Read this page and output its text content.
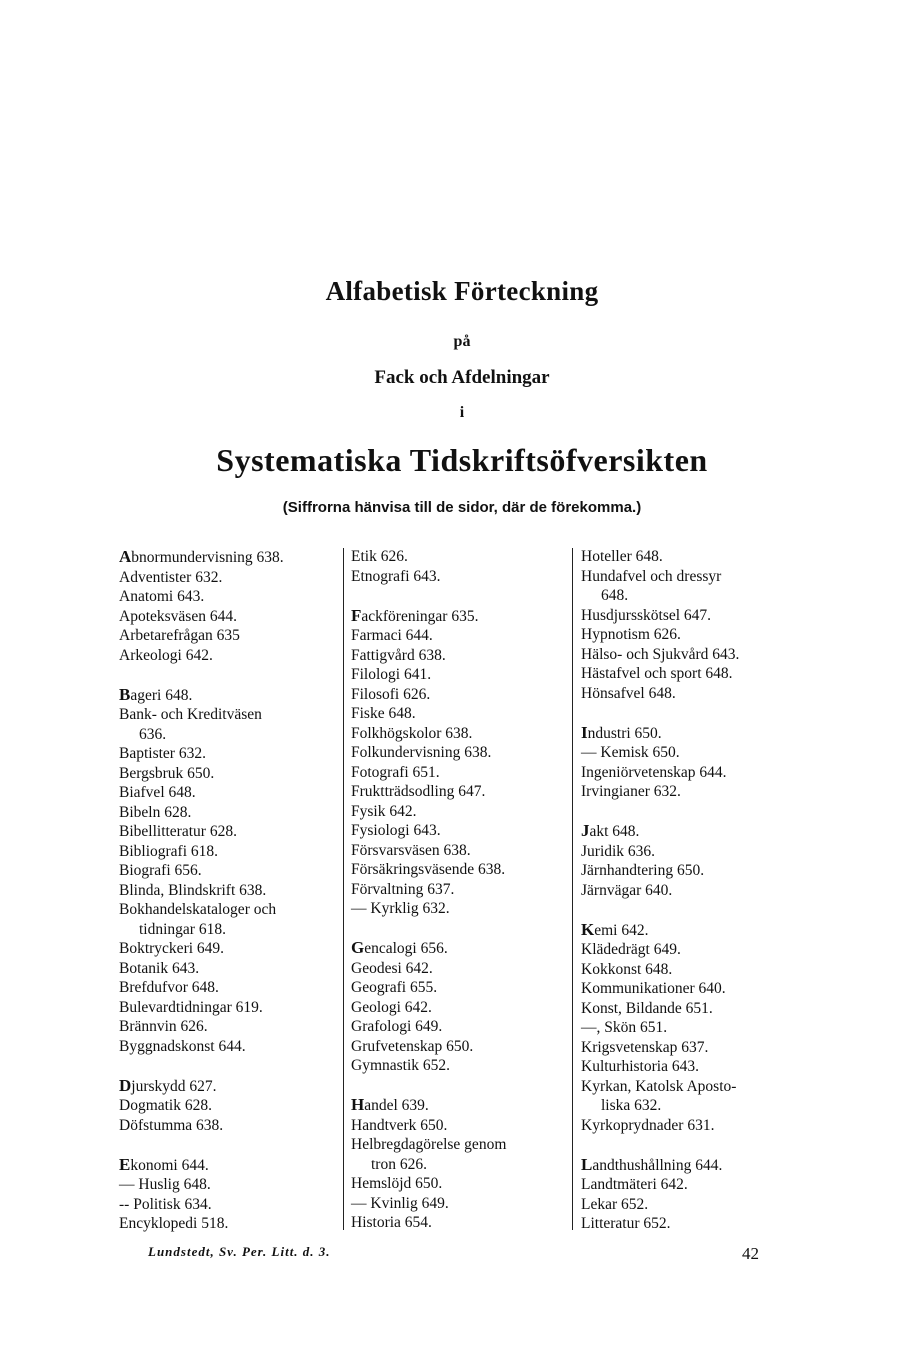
Alfabetisk Förteckning
på
Fack och Afdelningar
i
Systematiska Tidskriftsöfversikten
(Siffrorna hänvisa till de sidor, där de förekomma.)
Abnormundervisning 638.
Adventister 632.
Anatomi 643.
Apoteksväsen 644.
Arbetarefrågan 635
Arkeologi 642.
Bageri 648.
Bank- och Kreditväsen
636.
Baptister 632.
Bergsbruk 650.
Biafvel 648.
Bibeln 628.
Bibellitteratur 628.
Bibliografi 618.
Biografi 656.
Blinda, Blindskrift 638.
Bokhandelskataloger och
tidningar 618.
Boktryckeri 649.
Botanik 643.
Brefdufvor 648.
Bulevardtidningar 619.
Brännvin 626.
Byggnadskonst 644.
Djurskydd 627.
Dogmatik 628.
Döfstumma 638.
Ekonomi 644.
— Huslig 648.
-- Politisk 634.
Encyklopedi 518.
Etik 626.
Etnografi 643.
Fackföreningar 635.
Farmaci 644.
Fattigvård 638.
Filologi 641.
Filosofi 626.
Fiske 648.
Folkhögskolor 638.
Folkundervisning 638.
Fotografi 651.
Fruktträdsodling 647.
Fysik 642.
Fysiologi 643.
Försvarsväsen 638.
Försäkringsväsende 638.
Förvaltning 637.
— Kyrklig 632.
Gencalogi 656.
Geodesi 642.
Geografi 655.
Geologi 642.
Grafologi 649.
Grufvetenskap 650.
Gymnastik 652.
Handel 639.
Handtverk 650.
Helbregdagörelse genom
tron 626.
Hemslöjd 650.
— Kvinlig 649.
Historia 654.
Hoteller 648.
Hundafvel och dressyr
648.
Husdjursskötsel 647.
Hypnotism 626.
Hälso- och Sjukvård 643.
Hästafvel och sport 648.
Hönsafvel 648.
Industri 650.
— Kemisk 650.
Ingeniörvetenskap 644.
Irvingianer 632.
Jakt 648.
Juridik 636.
Järnhandtering 650.
Järnvägar 640.
Kemi 642.
Klädedrägt 649.
Kokkonst 648.
Kommunikationer 640.
Konst, Bildande 651.
—, Skön 651.
Krigsvetenskap 637.
Kulturhistoria 643.
Kyrkan, Katolsk Aposto-
liska 632.
Kyrkoprydnader 631.
Landthushållning 644.
Landtmäteri 642.
Lekar 652.
Litteratur 652.
Lundstedt, Sv. Per. Litt. d. 3.	42
